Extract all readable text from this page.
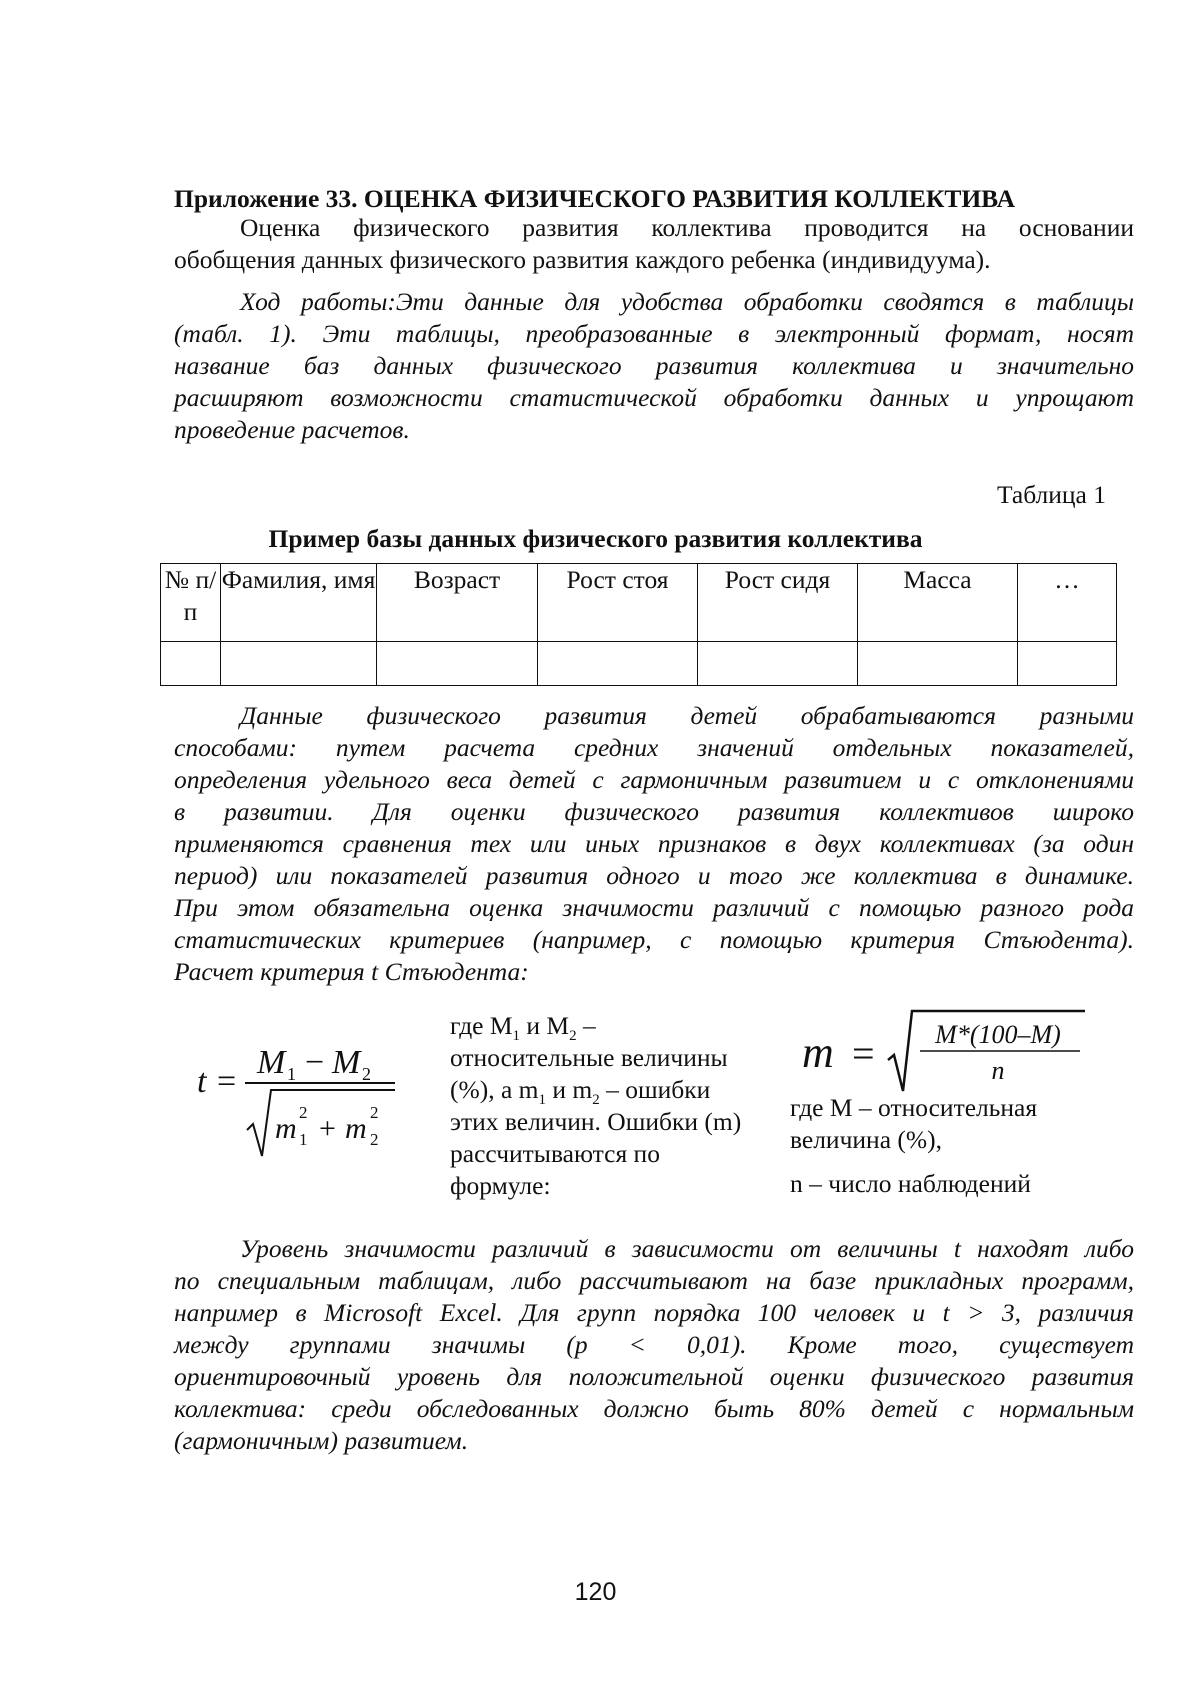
Приложение 33. ОЦЕНКА ФИЗИЧЕСКОГО РАЗВИТИЯ КОЛЛЕКТИВА
Оценка физического развития коллектива проводится на основании
обобщения данных физического развития каждого ребенка (индивидуума).
Ход работы:Эти данные для удобства обработки сводятся в таблицы
(табл. 1). Эти таблицы, преобразованные в электронный формат, носят
название баз данных физического развития коллектива и значительно
расширяют возможности статистической обработки данных и упрощают
проведение расчетов.
Таблица 1
Пример базы данных физического развития коллектива
№ п/п	Фамилия, имя	Возраст	Рост стоя	Рост сидя	Масса	…

Данные физического развития детей обрабатываются разными
способами: путем расчета средних значений отдельных показателей,
определения удельного веса детей с гармоничным развитием и с отклонениями
в развитии. Для оценки физического развития коллективов широко
применяются сравнения тех или иных признаков в двух коллективах (за один
период) или показателей развития одного и того же коллектива в динамике.
При этом обязательна оценка значимости различий с помощью разного рода
статистических критериев (например, с помощью критерия Стъюдента).
Расчет критерия t Стъюдента:
t =
M 1 − M 2
m 2
1 + m 2
2
где $M_1$ и $M_2$ –
относительные величины
(%), а $m_1$ и $m_2$ – ошибки
этих величин. Ошибки (m)
рассчитываются по
формуле:
m = M*(100–M)
n
где M – относительная
величина (%),
n – число наблюдений
Уровень значимости различий в зависимости от величины t находят либо
по специальным таблицам, либо рассчитывают на базе прикладных программ,
например в Microsoft Excel. Для групп порядка 100 человек и t > 3, различия
между группами значимы (p < 0,01). Кроме того, существует
ориентировочный уровень для положительной оценки физического развития
коллектива: среди обследованных должно быть 80% детей с нормальным
(гармоничным) развитием.
120
